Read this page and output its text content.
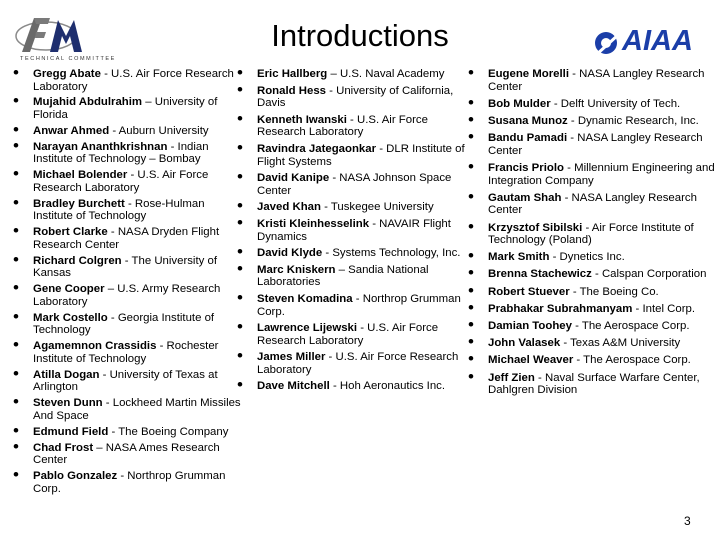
TECHNICAL COMMITTEE
Introductions	AIAA
• Gregg Abate - U.S. Air Force Research Laboratory
• Mujahid Abdulrahim – University of Florida
• Anwar Ahmed - Auburn University
• Narayan Ananthkrishnan - Indian Institute of Technology – Bombay
• Michael Bolender - U.S. Air Force Research Laboratory
• Bradley Burchett - Rose-Hulman Institute of Technology
• Robert Clarke - NASA Dryden Flight Research Center
• Richard Colgren - The University of Kansas
• Gene Cooper – U.S. Army Research Laboratory
• Mark Costello - Georgia Institute of Technology
• Agamemnon Crassidis - Rochester Institute of Technology
• Atilla Dogan - University of Texas at Arlington
• Steven Dunn - Lockheed Martin Missiles And Space
• Edmund Field - The Boeing Company
• Chad Frost – NASA Ames Research Center
• Pablo Gonzalez - Northrop Grumman Corp.
• Eric Hallberg – U.S. Naval Academy
• Ronald Hess - University of California, Davis
• Kenneth Iwanski - U.S. Air Force Research Laboratory
• Ravindra Jategaonkar - DLR Institute of Flight Systems
• David Kanipe - NASA Johnson Space Center
• Javed Khan - Tuskegee University
• Kristi Kleinhesselink - NAVAIR Flight Dynamics
• David Klyde - Systems Technology, Inc.
• Marc Kniskern – Sandia National Laboratories
• Steven Komadina - Northrop Grumman Corp.
• Lawrence Lijewski - U.S. Air Force Research Laboratory
• James Miller - U.S. Air Force Research Laboratory
• Dave Mitchell - Hoh Aeronautics Inc.
• Eugene Morelli - NASA Langley Research Center
• Bob Mulder - Delft University of Tech.
• Susana Munoz - Dynamic Research, Inc.
• Bandu Pamadi - NASA Langley Research Center
• Francis Priolo - Millennium Engineering and Integration Company
• Gautam Shah - NASA Langley Research Center
• Krzysztof Sibilski - Air Force Institute of Technology (Poland)
• Mark Smith - Dynetics Inc.
• Brenna Stachewicz - Calspan Corporation
• Robert Stuever - The Boeing Co.
• Prabhakar Subrahmanyam - Intel Corp.
• Damian Toohey - The Aerospace Corp.
• John Valasek - Texas A&M University
• Michael Weaver - The Aerospace Corp.
• Jeff Zien - Naval Surface Warfare Center, Dahlgren Division
3
